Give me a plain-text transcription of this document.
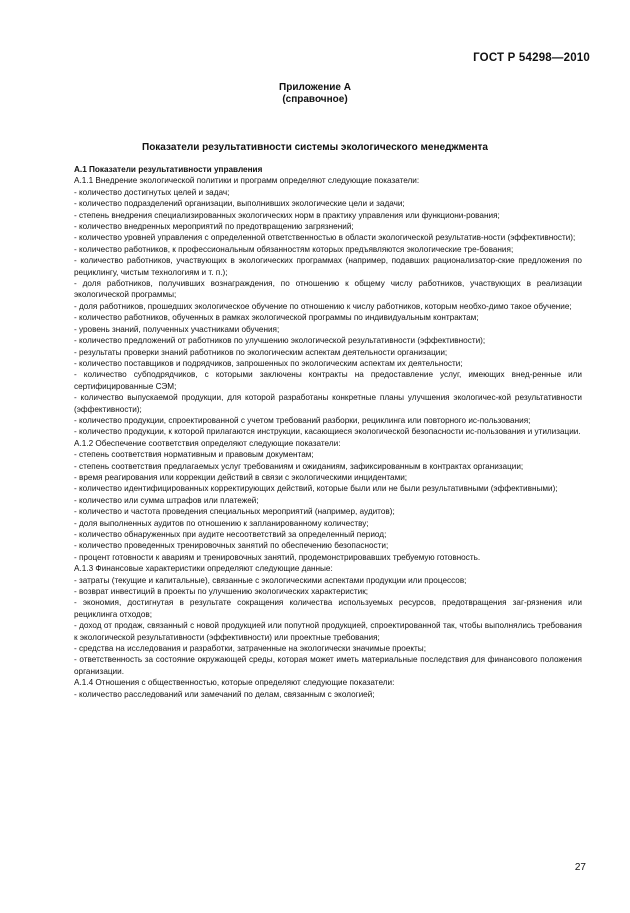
ГОСТ Р 54298—2010
Приложение А
(справочное)
Показатели результативности системы экологического менеджмента

А.1 Показатели результативности управления

А.1.1 Внедрение экологической политики и программ определяют следующие показатели:

- количество достигнутых целей и задач;

- количество подразделений организации, выполнивших экологические цели и задачи;

- степень внедрения специализированных экологических норм в практику управления или функциони-рования;

- количество внедренных мероприятий по предотвращению загрязнений;

- количество уровней управления с определенной ответственностью в области экологической результатив-ности (эффективности);

- количество работников, к профессиональным обязанностям которых предъявляются экологические тре-бования;

- количество работников, участвующих в экологических программах (например, подавших рационализатор-ские предложения по рециклингу, чистым технологиям и т. п.);

- доля работников, получивших вознаграждения, по отношению к общему числу работников, участвующих в реализации экологической программы;

- доля работников, прошедших экологическое обучение по отношению к числу работников, которым необхо-димо такое обучение;

- количество работников, обученных в рамках экологической программы по индивидуальным контрактам;

- уровень знаний, полученных участниками обучения;

- количество предложений от работников по улучшению экологической результативности (эффективности);

- результаты проверки знаний работников по экологическим аспектам деятельности организации;

- количество поставщиков и подрядчиков, запрошенных по экологическим аспектам их деятельности;

- количество субподрядчиков, с которыми заключены контракты на предоставление услуг, имеющих внед-ренные или сертифицированные СЭМ;

- количество выпускаемой продукции, для которой разработаны конкретные планы улучшения экологичес-кой результативности (эффективности);

- количество продукции, спроектированной с учетом требований разборки, рециклинга или повторного ис-пользования;

- количество продукции, к которой прилагаются инструкции, касающиеся экологической безопасности ис-пользования и утилизации.

А.1.2 Обеспечение соответствия определяют следующие показатели:

- степень соответствия нормативным и правовым документам;

- степень соответствия предлагаемых услуг требованиям и ожиданиям, зафиксированным в контрактах организации;

- время реагирования или коррекции действий в связи с экологическими инцидентами;

- количество идентифицированных корректирующих действий, которые были или не были результативными (эффективными);

- количество или сумма штрафов или платежей;

- количество и частота проведения специальных мероприятий (например, аудитов);

- доля выполненных аудитов по отношению к запланированному количеству;

- количество обнаруженных при аудите несоответствий за определенный период;

- количество проведенных тренировочных занятий по обеспечению безопасности;

- процент готовности к авариям и тренировочных занятий, продемонстрировавших требуемую готовность.

А.1.3 Финансовые характеристики определяют следующие данные:

- затраты (текущие и капитальные), связанные с экологическими аспектами продукции или процессов;

- возврат инвестиций в проекты по улучшению экологических характеристик;

- экономия, достигнутая в результате сокращения количества используемых ресурсов, предотвращения заг-рязнения или рециклинга отходов;

- доход от продаж, связанный с новой продукцией или попутной продукцией, спроектированной так, чтобы выполнялись требования к экологической результативности (эффективности) или проектные требования;

- средства на исследования и разработки, затраченные на экологически значимые проекты;

- ответственность за состояние окружающей среды, которая может иметь материальные последствия для финансового положения организации.

А.1.4 Отношения с общественностью, которые определяют следующие показатели:

- количество расследований или замечаний по делам, связанным с экологией;

27
